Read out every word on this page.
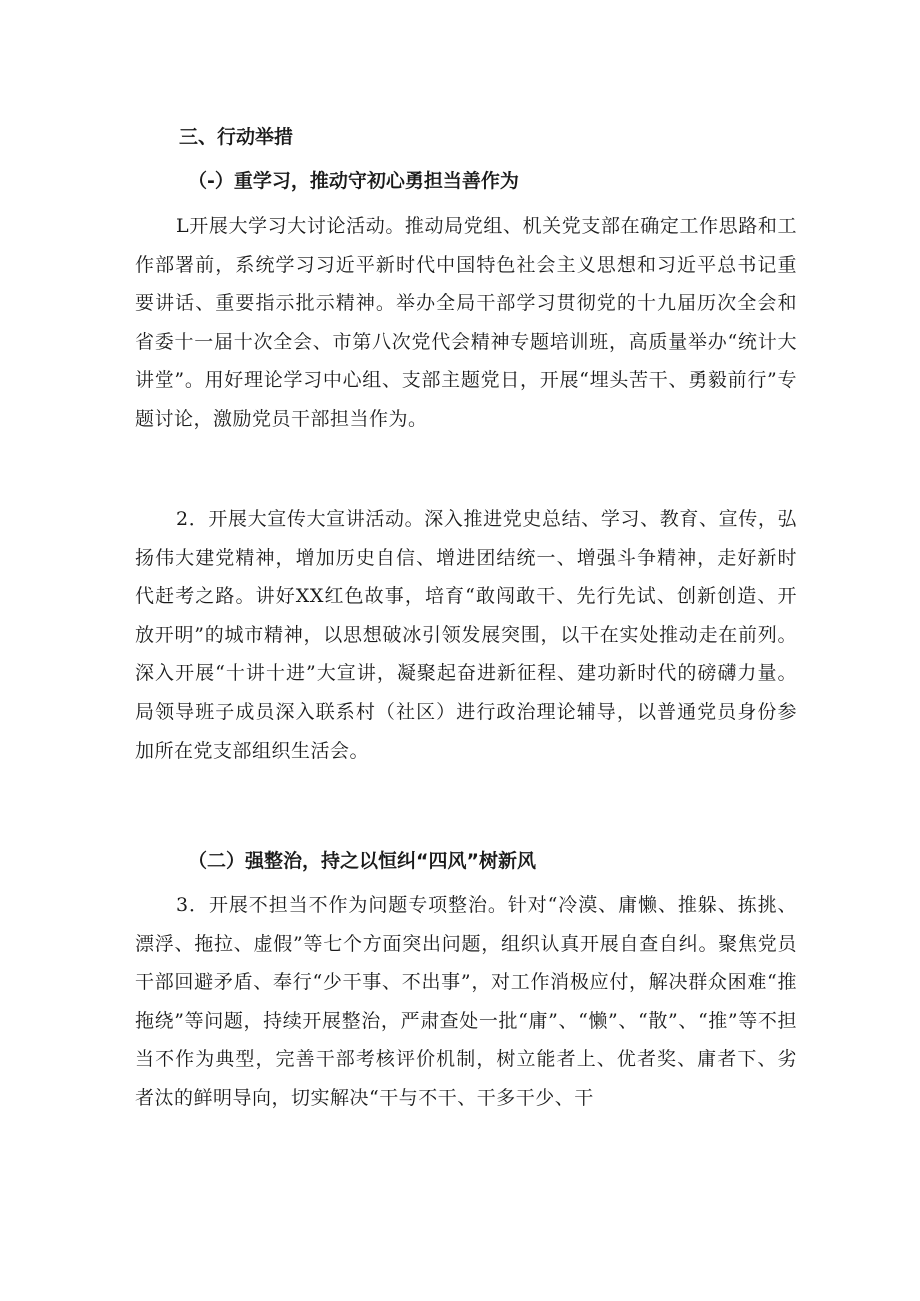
三、行动举措

（-）重学习，推动守初心勇担当善作为

L开展大学习大讨论活动。推动局党组、机关党支部在确定工作思路和工作部署前，系统学习习近平新时代中国特色社会主义思想和习近平总书记重要讲话、重要指示批示精神。举办全局干部学习贯彻党的十九届历次全会和省委十一届十次全会、市第八次党代会精神专题培训班，高质量举办“统计大讲堂”。用好理论学习中心组、支部主题党日，开展“埋头苦干、勇毅前行”专题讨论，激励党员干部担当作为。

2．开展大宣传大宣讲活动。深入推进党史总结、学习、教育、宣传，弘扬伟大建党精神，增加历史自信、增进团结统一、增强斗争精神，走好新时代赶考之路。讲好XX红色故事，培育“敢闯敢干、先行先试、创新创造、开放开明”的城市精神，以思想破冰引领发展突围，以干在实处推动走在前列。深入开展“十讲十进”大宣讲，凝聚起奋进新征程、建功新时代的磅礴力量。局领导班子成员深入联系村（社区）进行政治理论辅导，以普通党员身份参加所在党支部组织生活会。

（二）强整治，持之以恒纠“四风”树新风

3．开展不担当不作为问题专项整治。针对“冷漠、庸懒、推躲、拣挑、漂浮、拖拉、虚假”等七个方面突出问题，组织认真开展自查自纠。聚焦党员干部回避矛盾、奉行“少干事、不出事”，对工作消极应付，解决群众困难“推拖绕”等问题，持续开展整治，严肃查处一批“庸”、“懒”、“散”、“推”等不担当不作为典型，完善干部考核评价机制，树立能者上、优者奖、庸者下、劣者汰的鲜明导向，切实解决“干与不干、干多干少、干
